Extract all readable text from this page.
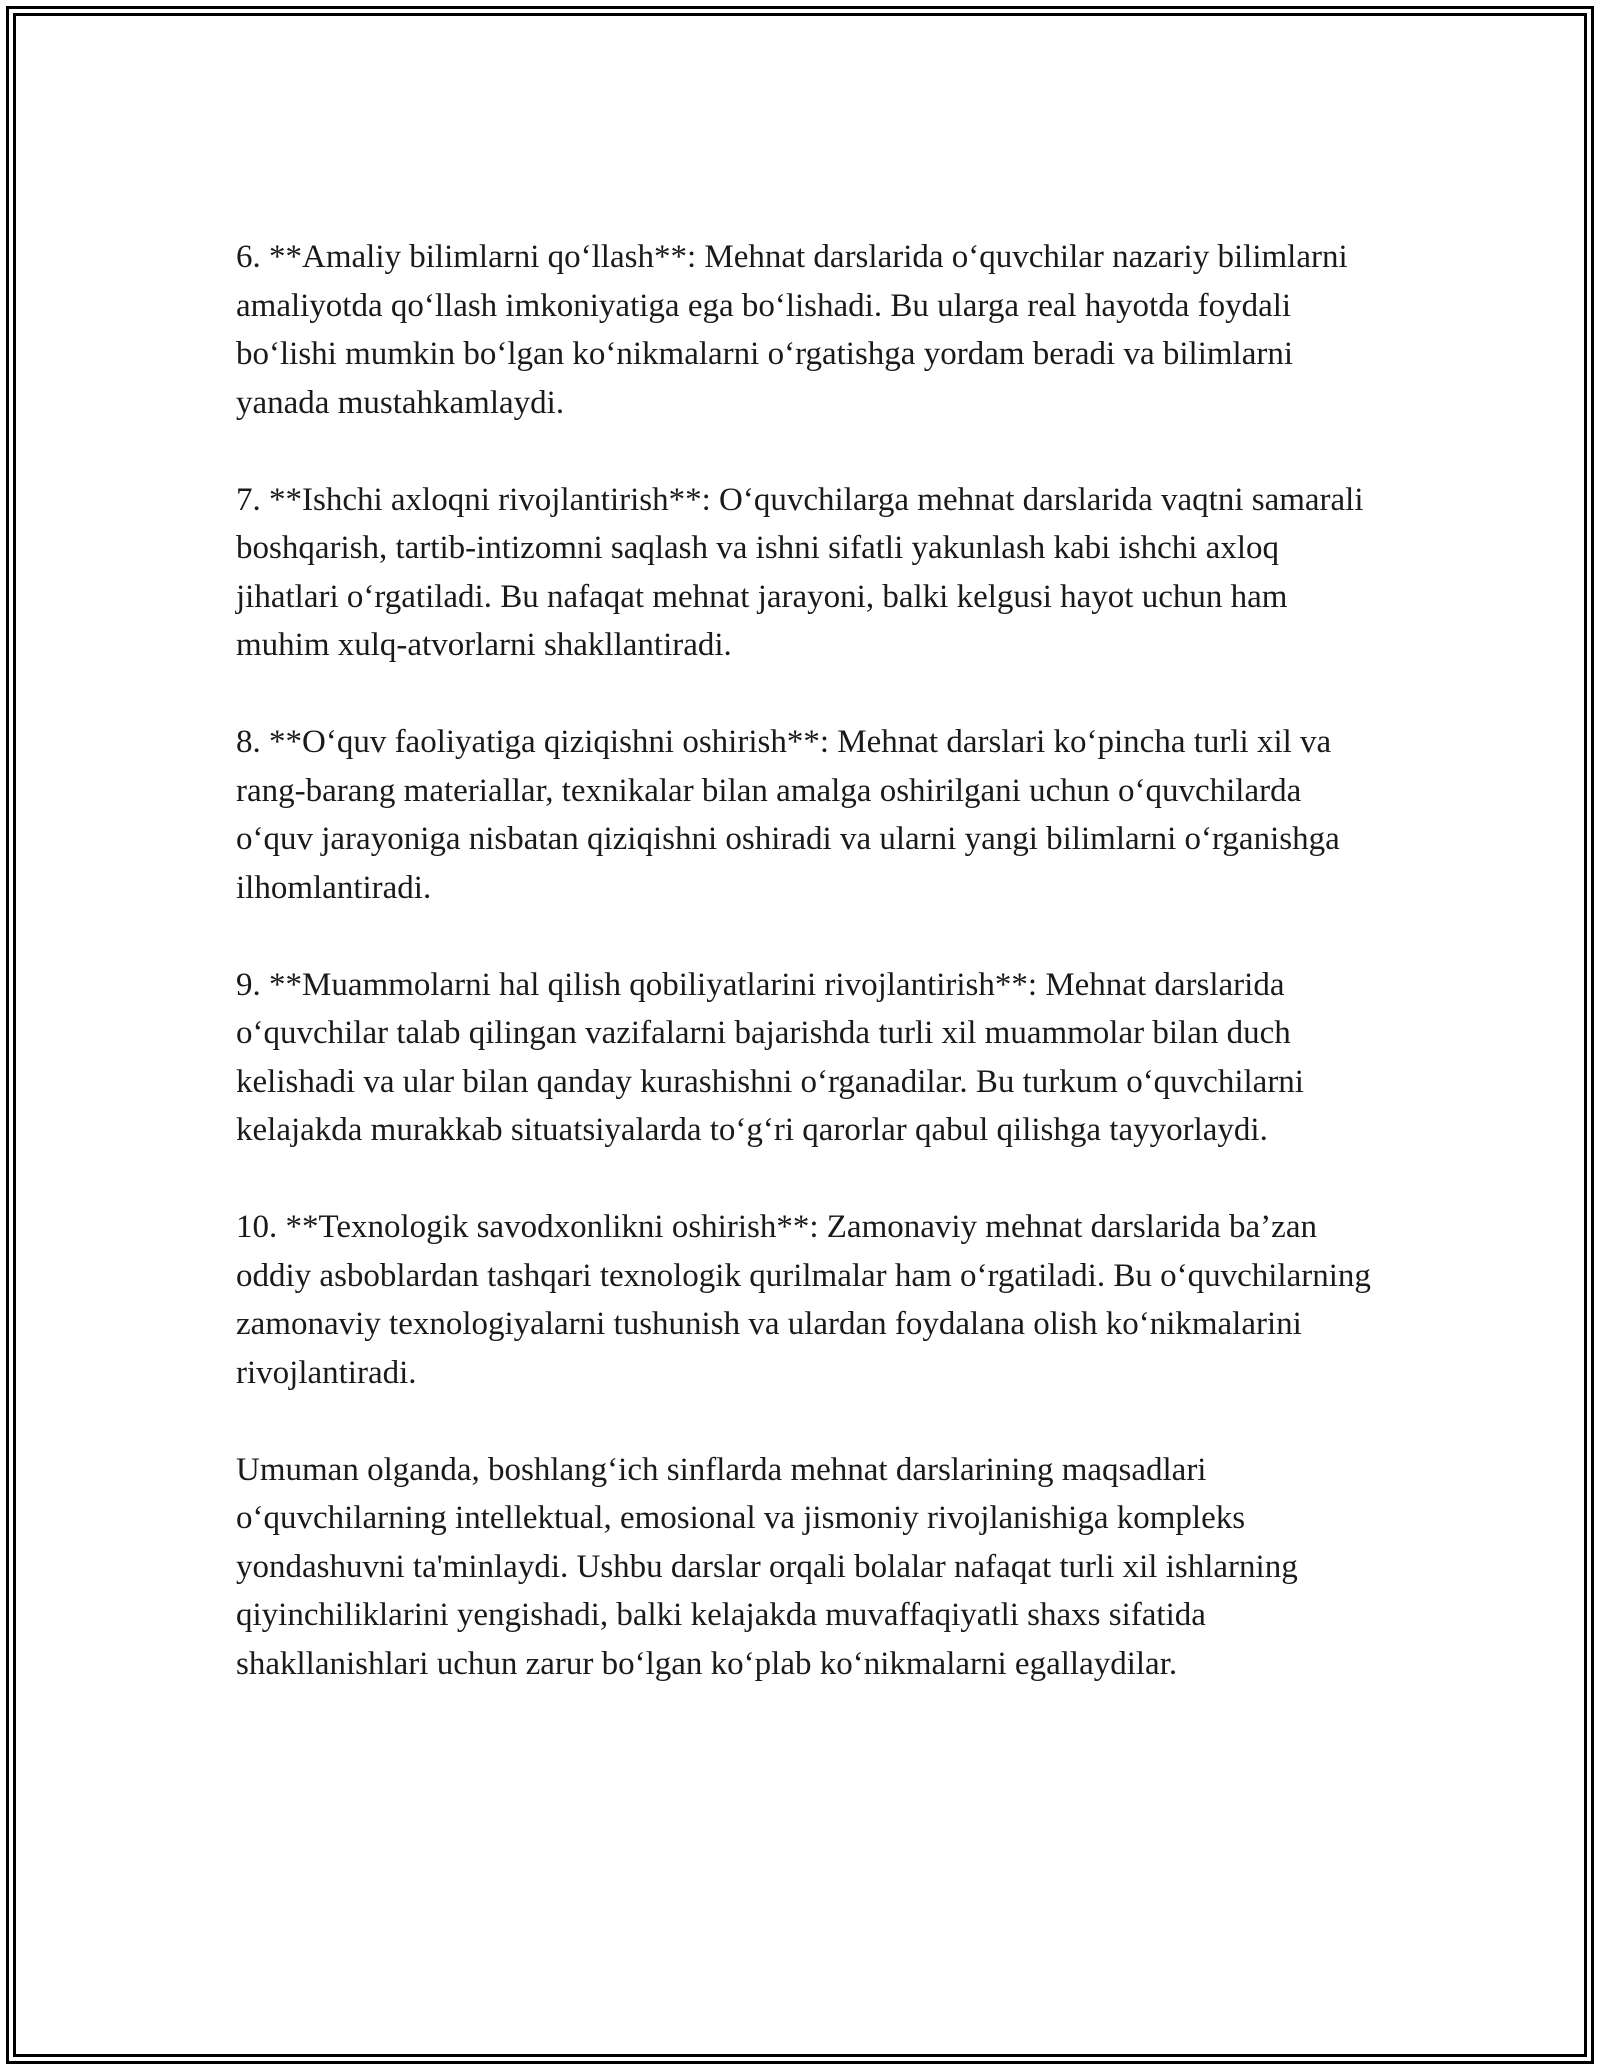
6. **Amaliy bilimlarni qo‘llash**: Mehnat darslarida o‘quvchilar nazariy bilimlarni amaliyotda qo‘llash imkoniyatiga ega bo‘lishadi. Bu ularga real hayotda foydali bo‘lishi mumkin bo‘lgan ko‘nikmalarni o‘rgatishga yordam beradi va bilimlarni yanada mustahkamlaydi.

7. **Ishchi axloqni rivojlantirish**: O‘quvchilarga mehnat darslarida vaqtni samarali boshqarish, tartib-intizomni saqlash va ishni sifatli yakunlash kabi ishchi axloq jihatlari o‘rgatiladi. Bu nafaqat mehnat jarayoni, balki kelgusi hayot uchun ham muhim xulq-atvorlarni shakllantiradi.

8. **O‘quv faoliyatiga qiziqishni oshirish**: Mehnat darslari ko‘pincha turli xil va rang-barang materiallar, texnikalar bilan amalga oshirilgani uchun o‘quvchilarda o‘quv jarayoniga nisbatan qiziqishni oshiradi va ularni yangi bilimlarni o‘rganishga ilhomlantiradi.

9. **Muammolarni hal qilish qobiliyatlarini rivojlantirish**: Mehnat darslarida o‘quvchilar talab qilingan vazifalarni bajarishda turli xil muammolar bilan duch kelishadi va ular bilan qanday kurashishni o‘rganadilar. Bu turkum o‘quvchilarni kelajakda murakkab situatsiyalarda to‘g‘ri qarorlar qabul qilishga tayyorlaydi.

10. **Texnologik savodxonlikni oshirish**: Zamonaviy mehnat darslarida ba’zan oddiy asboblardan tashqari texnologik qurilmalar ham o‘rgatiladi. Bu o‘quvchilarning zamonaviy texnologiyalarni tushunish va ulardan foydalana olish ko‘nikmalarini rivojlantiradi.

Umuman olganda, boshlang‘ich sinflarda mehnat darslarining maqsadlari o‘quvchilarning intellektual, emosional va jismoniy rivojlanishiga kompleks yondashuvni ta'minlaydi. Ushbu darslar orqali bolalar nafaqat turli xil ishlarning qiyinchiliklarini yengishadi, balki kelajakda muvaffaqiyatli shaxs sifatida shakllanishlari uchun zarur bo‘lgan ko‘plab ko‘nikmalarni egallaydilar.
